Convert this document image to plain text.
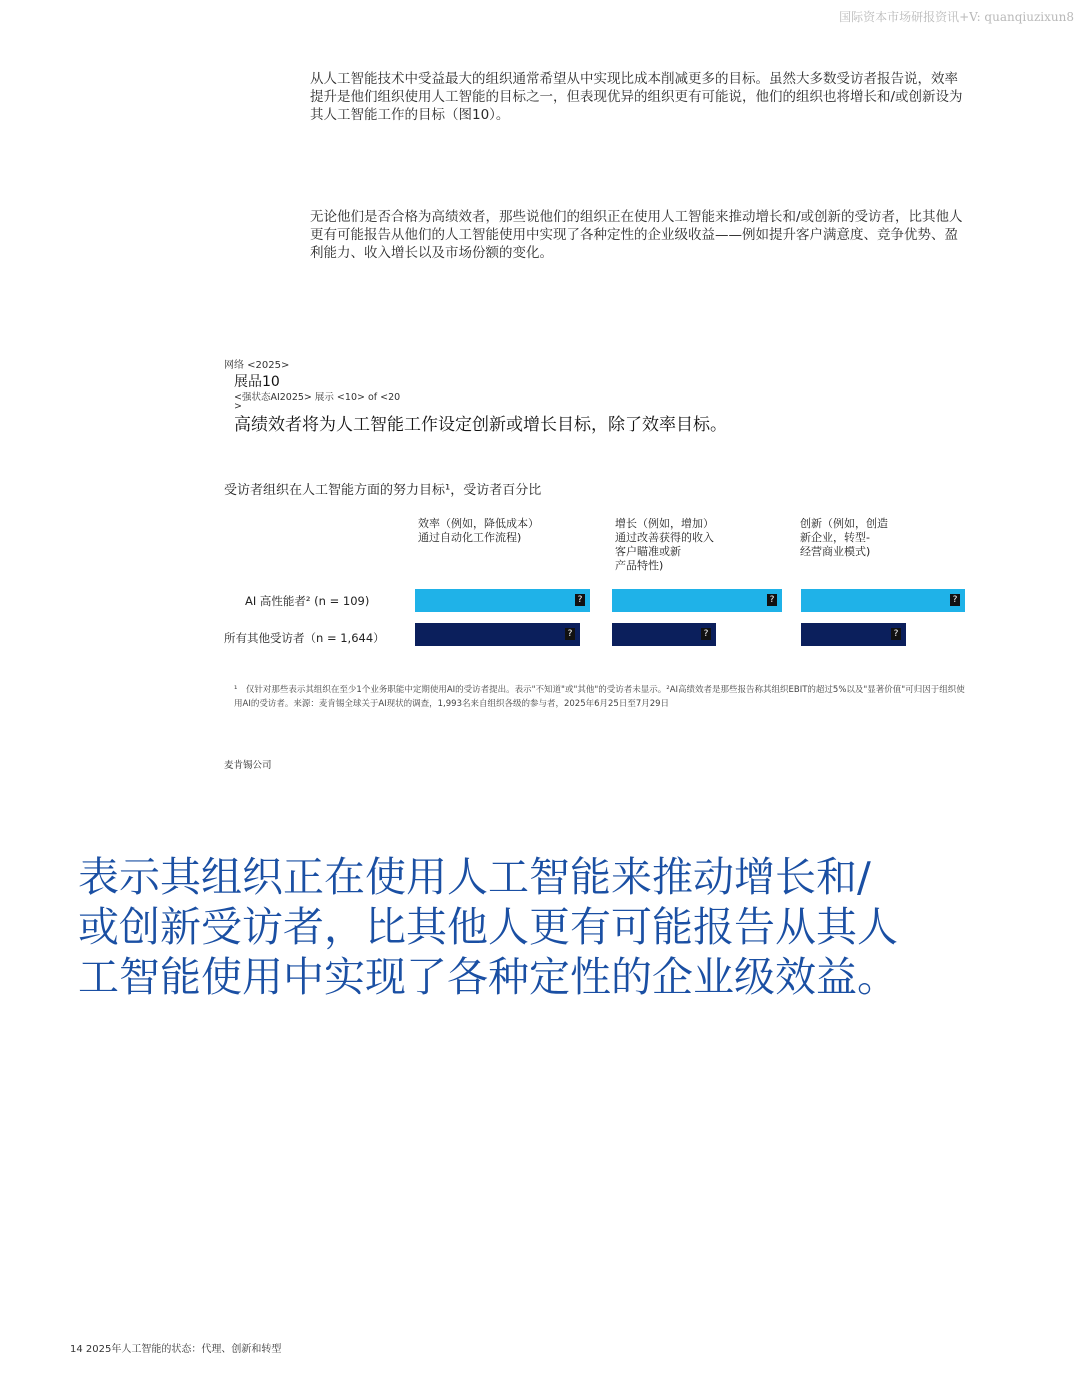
国际资本市场研报资讯+V: quanqiuzixun8
从人工智能技术中受益最大的组织通常希望从中实现比成本削减更多的目标。虽然大多数受访者报告说，效率提升是他们组织使用人工智能的目标之一，但表现优异的组织更有可能说，他们的组织也将增长和/或创新设为其人工智能工作的目标（图10）。
无论他们是否合格为高绩效者，那些说他们的组织正在使用人工智能来推动增长和/或创新的受访者，比其他人更有可能报告从他们的人工智能使用中实现了各种定性的企业级收益——例如提升客户满意度、竞争优势、盈利能力、收入增长以及市场份额的变化。
网络 <2025>
展品10
<强状态AI2025> 展示 <10> of <20
>
高绩效者将为人工智能工作设定创新或增长目标，除了效率目标。
受访者组织在人工智能方面的努力目标¹，受访者百分比
效率（例如，降低成本）
通过自动化工作流程)
增长（例如，增加）
通过改善获得的收入
客户瞄准或新
产品特性)
创新（例如，创造
新企业，转型-
经营商业模式)
AI 高性能者² (n = 109)
所有其他受访者（n = 1,644）
?	?	?
?	?	?
¹　仅针对那些表示其组织在至少1个业务职能中定期使用AI的受访者提出。表示"不知道"或"其他"的受访者未显示。²AI高绩效者是那些报告称其组织EBIT的超过5%以及"显著价值"可归因于组织使用AI的受访者。来源：麦肯锡全球关于AI现状的调查，1,993名来自组织各级的参与者，2025年6月25日至7月29日
麦肯锡公司
表示其组织正在使用人工智能来推动增长和/或创新受访者，比其他人更有可能报告从其人工智能使用中实现了各种定性的企业级效益。
14 2025年人工智能的状态：代理、创新和转型
